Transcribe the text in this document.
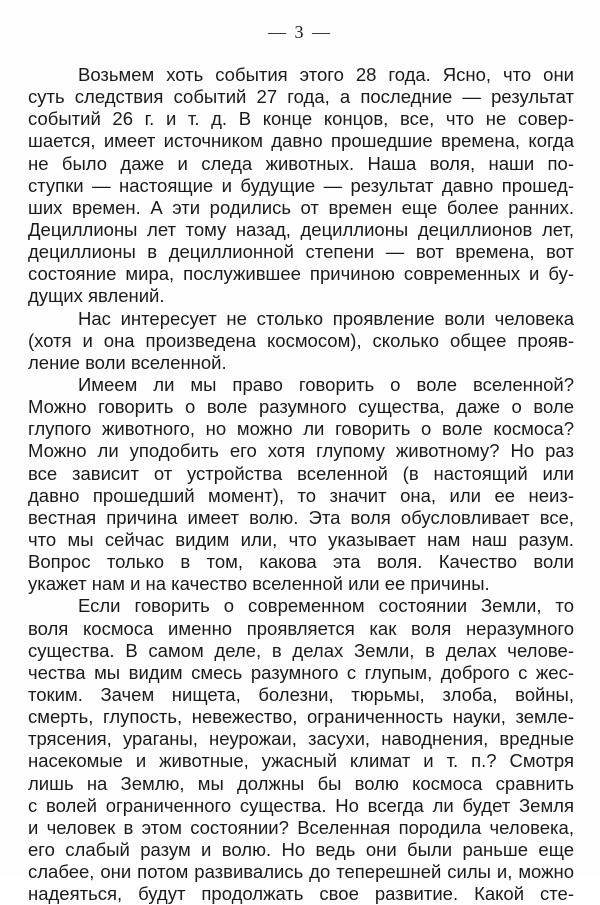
— 3 —
Возьмем хоть события этого 28 года. Ясно, что они
суть следствия событий 27 года, а последние — результат
событий 26 г. и т. д. В конце концов, все, что не совер-
шается, имеет источником давно прошедшие времена, когда
не было даже и следа животных. Наша воля, наши по-
ступки — настоящие и будущие — результат давно прошед-
ших времен. А эти родились от времен еще более ранних.
Дециллионы лет тому назад, дециллионы дециллионов лет,
дециллионы в дециллионной степени — вот времена, вот
состояние мира, послужившее причиною современных и бу-
дущих явлений.
Нас интересует не столько проявление воли человека
(хотя и она произведена космосом), сколько общее прояв-
ление воли вселенной.
Имеем ли мы право говорить о воле вселенной?
Можно говорить о воле разумного существа, даже о воле
глупого животного, но можно ли говорить о воле космоса?
Можно ли уподобить его хотя глупому животному? Но раз
все зависит от устройства вселенной (в настоящий или
давно прошедший момент), то значит она, или ее неиз-
вестная причина имеет волю. Эта воля обусловливает все,
что мы сейчас видим или, что указывает нам наш разум.
Вопрос только в том, какова эта воля. Качество воли
укажет нам и на качество вселенной или ее причины.
Если говорить о современном состоянии Земли, то
воля космоса именно проявляется как воля неразумного
существа. В самом деле, в делах Земли, в делах челове-
чества мы видим смесь разумного с глупым, доброго с жес-
токим. Зачем нищета, болезни, тюрьмы, злоба, войны,
смерть, глупость, невежество, ограниченность науки, земле-
трясения, ураганы, неурожаи, засухи, наводнения, вредные
насекомые и животные, ужасный климат и т. п.? Смотря
лишь на Землю, мы должны бы волю космоса сравнить
с волей ограниченного существа. Но всегда ли будет Земля
и человек в этом состоянии? Вселенная породила человека,
его слабый разум и волю. Но ведь они были раньше еще
слабее, они потом развивались до теперешней силы и, можно
надеяться, будут продолжать свое развитие. Какой сте-
